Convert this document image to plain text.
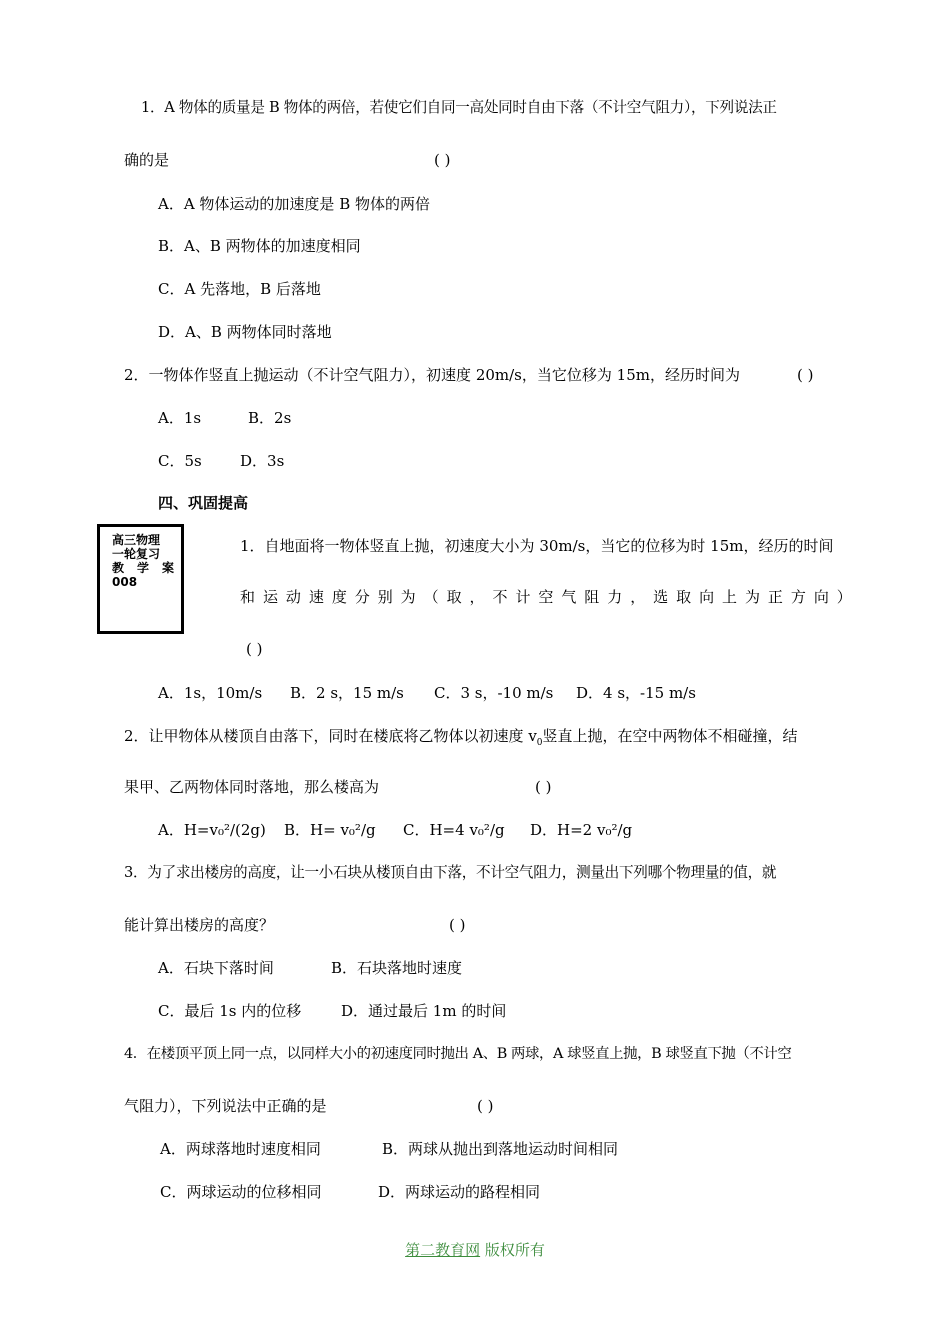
1．A 物体的质量是 B 物体的两倍，若使它们自同一高处同时自由下落（不计空气阻力），下列说法正
确的是	( )
A．A 物体运动的加速度是 B 物体的两倍
B．A、B 两物体的加速度相同
C．A 先落地，B 后落地
D．A、B 两物体同时落地
2．一物体作竖直上抛运动（不计空气阻力），初速度 20m/s，当它位移为 15m，经历时间为	( )
A．1s	B．2s
C．5s	D．3s
四、巩固提高
高三物理
一轮复习
教 学 案
008
1．自地面将一物体竖直上抛，初速度大小为 30m/s，当它的位移为时 15m，经历的时间
和 运 动 速 度 分 别 为 （ 取 ， 不 计 空 气 阻 力 ， 选 取 向 上 为 正 方 向 ）
( )
A．1s，10m/s B．2 s，15 m/s C．3 s，-10 m/s D．4 s，-15 m/s
2．让甲物体从楼顶自由落下，同时在楼底将乙物体以初速度 $v_0$竖直上抛，在空中两物体不相碰撞，结
果甲、乙两物体同时落地，那么楼高为	( )
A．H=v₀²/(2g) B．H= v₀²/g C．H=4 v₀²/g D．H=2 v₀²/g
3．为了求出楼房的高度，让一小石块从楼顶自由下落，不计空气阻力，测量出下列哪个物理量的值，就
能计算出楼房的高度？	( )
A．石块下落时间	B．石块落地时速度
C．最后 1s 内的位移	D．通过最后 1m 的时间
4．在楼顶平顶上同一点，以同样大小的初速度同时抛出 A、B 两球，A 球竖直上抛，B 球竖直下抛（不计空
气阻力），下列说法中正确的是	( )
A．两球落地时速度相同	B．两球从抛出到落地运动时间相同
C．两球运动的位移相同	D．两球运动的路程相同
第二教育网 版权所有
